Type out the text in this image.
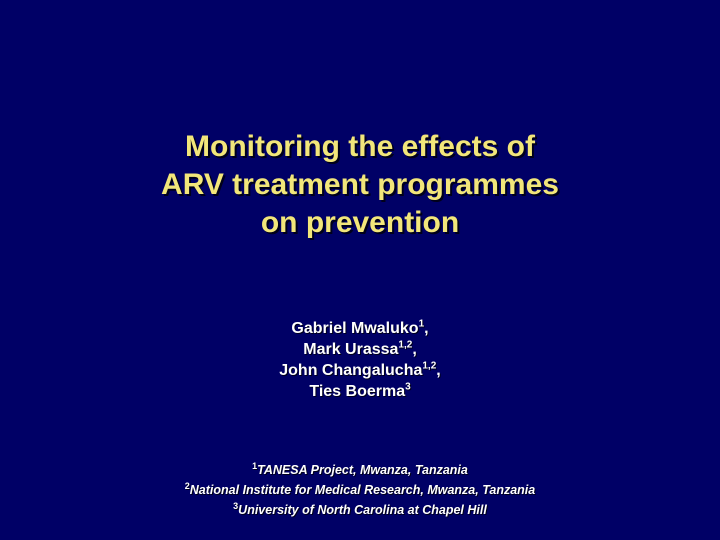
Monitoring the effects of
ARV treatment programmes
on prevention
Gabriel Mwaluko$^1$,
Mark Urassa$^{1,2}$,
John Changalucha$^{1,2}$,
Ties Boerma$^3$
$^1$TANESA Project, Mwanza, Tanzania
$^2$National Institute for Medical Research, Mwanza, Tanzania
$^3$University of North Carolina at Chapel Hill
